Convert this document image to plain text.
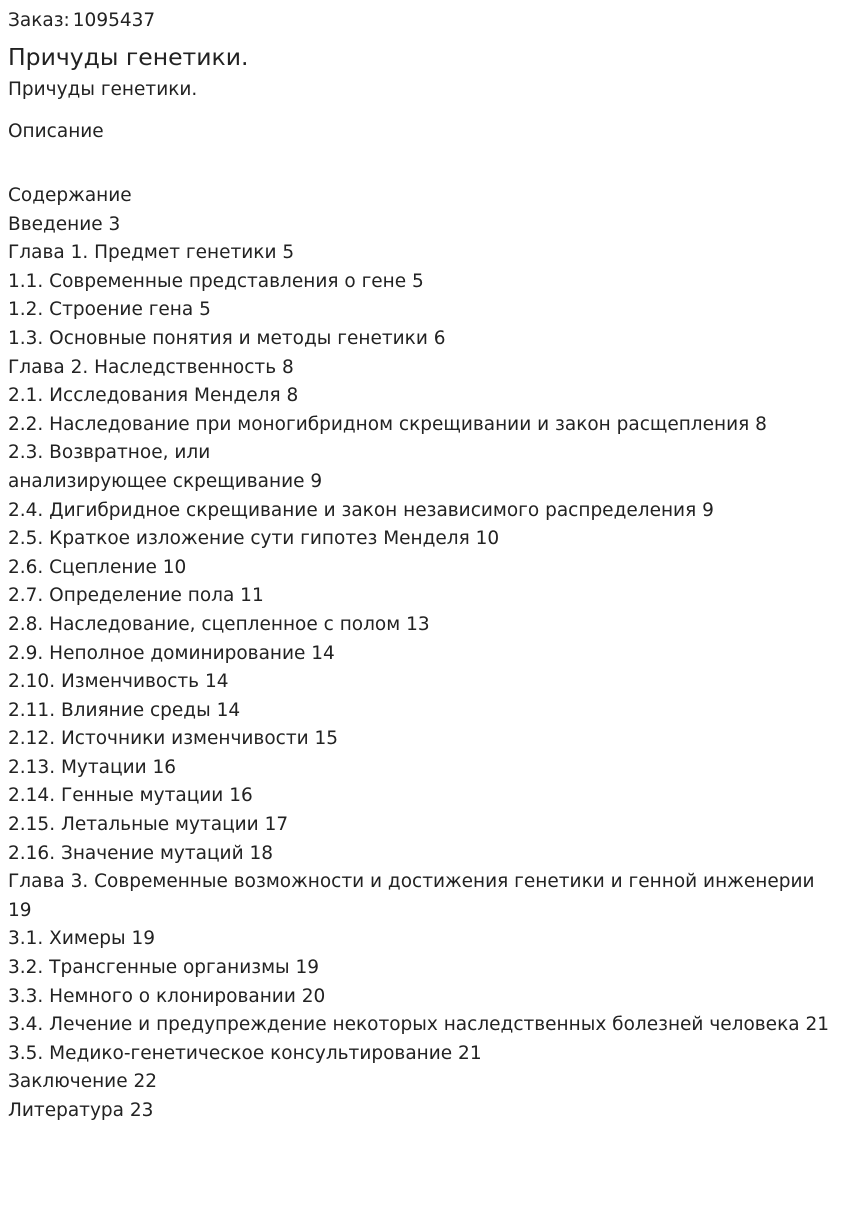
Заказ: 1095437
Причуды генетики.
Причуды генетики.
Описание
Содержание
Введение 3
Глава 1. Предмет генетики 5
1.1. Современные представления о гене 5
1.2. Строение гена 5
1.3. Основные понятия и методы генетики 6
Глава 2. Наследственность 8
2.1. Исследования Менделя 8
2.2. Наследование при моногибридном скрещивании и закон расщепления 8
2.3. Возвратное, или
анализирующее скрещивание 9
2.4. Дигибридное скрещивание и закон независимого распределения 9
2.5. Краткое изложение сути гипотез Менделя 10
2.6. Сцепление 10
2.7. Определение пола 11
2.8. Наследование, сцепленное с полом 13
2.9. Неполное доминирование 14
2.10. Изменчивость 14
2.11. Влияние среды 14
2.12. Источники изменчивости 15
2.13. Мутации 16
2.14. Генные мутации 16
2.15. Летальные мутации 17
2.16. Значение мутаций 18
Глава 3. Современные возможности и достижения генетики и генной инженерии 19
3.1. Химеры 19
3.2. Трансгенные организмы 19
3.3. Немного о клонировании 20
3.4. Лечение и предупреждение некоторых наследственных болезней человека 21
3.5. Медико-генетическое консультирование 21
Заключение 22
Литература 23
